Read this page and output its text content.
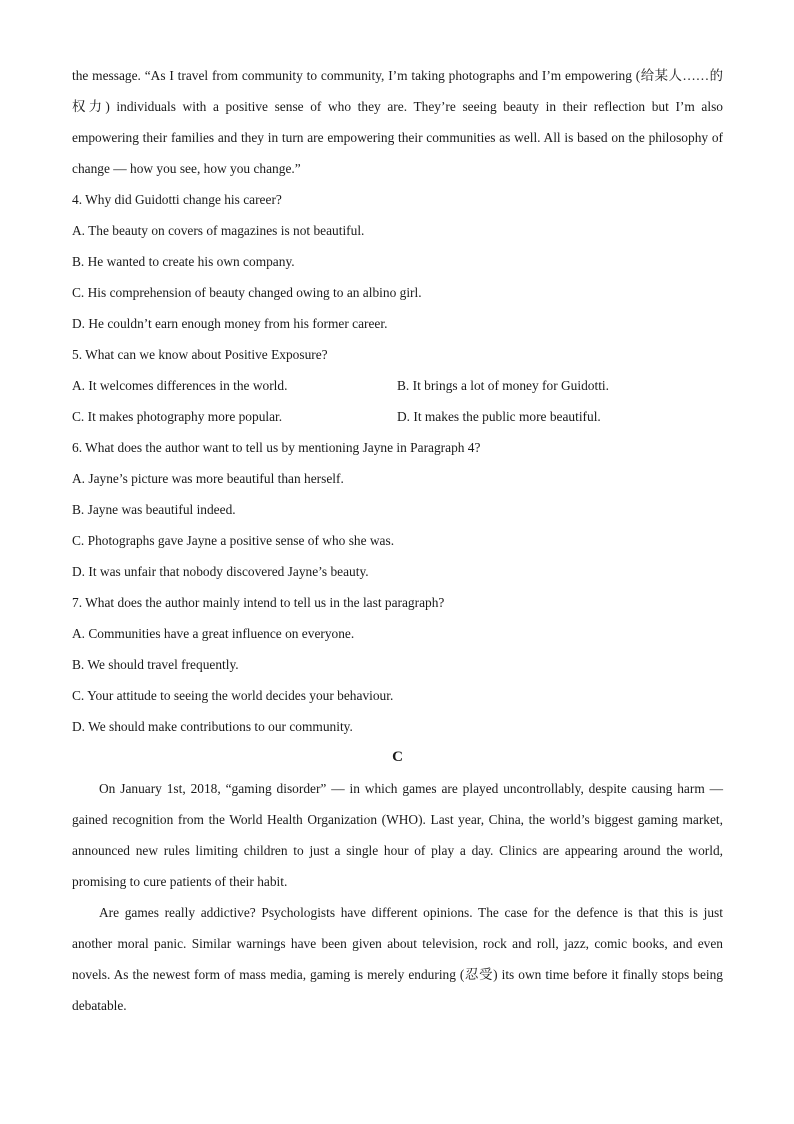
the message. “As I travel from community to community, I’m taking photographs and I’m empowering (给某人……的权力) individuals with a positive sense of who they are. They’re seeing beauty in their reflection but I’m also empowering their families and they in turn are empowering their communities as well. All is based on the philosophy of change — how you see, how you change.”

4. Why did Guidotti change his career?

A. The beauty on covers of magazines is not beautiful.

B. He wanted to create his own company.

C. His comprehension of beauty changed owing to an albino girl.

D. He couldn’t earn enough money from his former career.

5. What can we know about Positive Exposure?

A. It welcomes differences in the world.	B. It brings a lot of money for Guidotti.
C. It makes photography more popular.	D. It makes the public more beautiful.

6. What does the author want to tell us by mentioning Jayne in Paragraph 4?

A. Jayne’s picture was more beautiful than herself.

B. Jayne was beautiful indeed.

C. Photographs gave Jayne a positive sense of who she was.

D. It was unfair that nobody discovered Jayne’s beauty.

7. What does the author mainly intend to tell us in the last paragraph?

A. Communities have a great influence on everyone.

B. We should travel frequently.

C. Your attitude to seeing the world decides your behaviour.

D. We should make contributions to our community.

C

On January 1st, 2018, “gaming disorder” — in which games are played uncontrollably, despite causing harm — gained recognition from the World Health Organization (WHO). Last year, China, the world’s biggest gaming market, announced new rules limiting children to just a single hour of play a day. Clinics are appearing around the world, promising to cure patients of their habit.

Are games really addictive? Psychologists have different opinions. The case for the defence is that this is just another moral panic. Similar warnings have been given about television, rock and roll, jazz, comic books, and even novels. As the newest form of mass media, gaming is merely enduring (忍受) its own time before it finally stops being debatable.
